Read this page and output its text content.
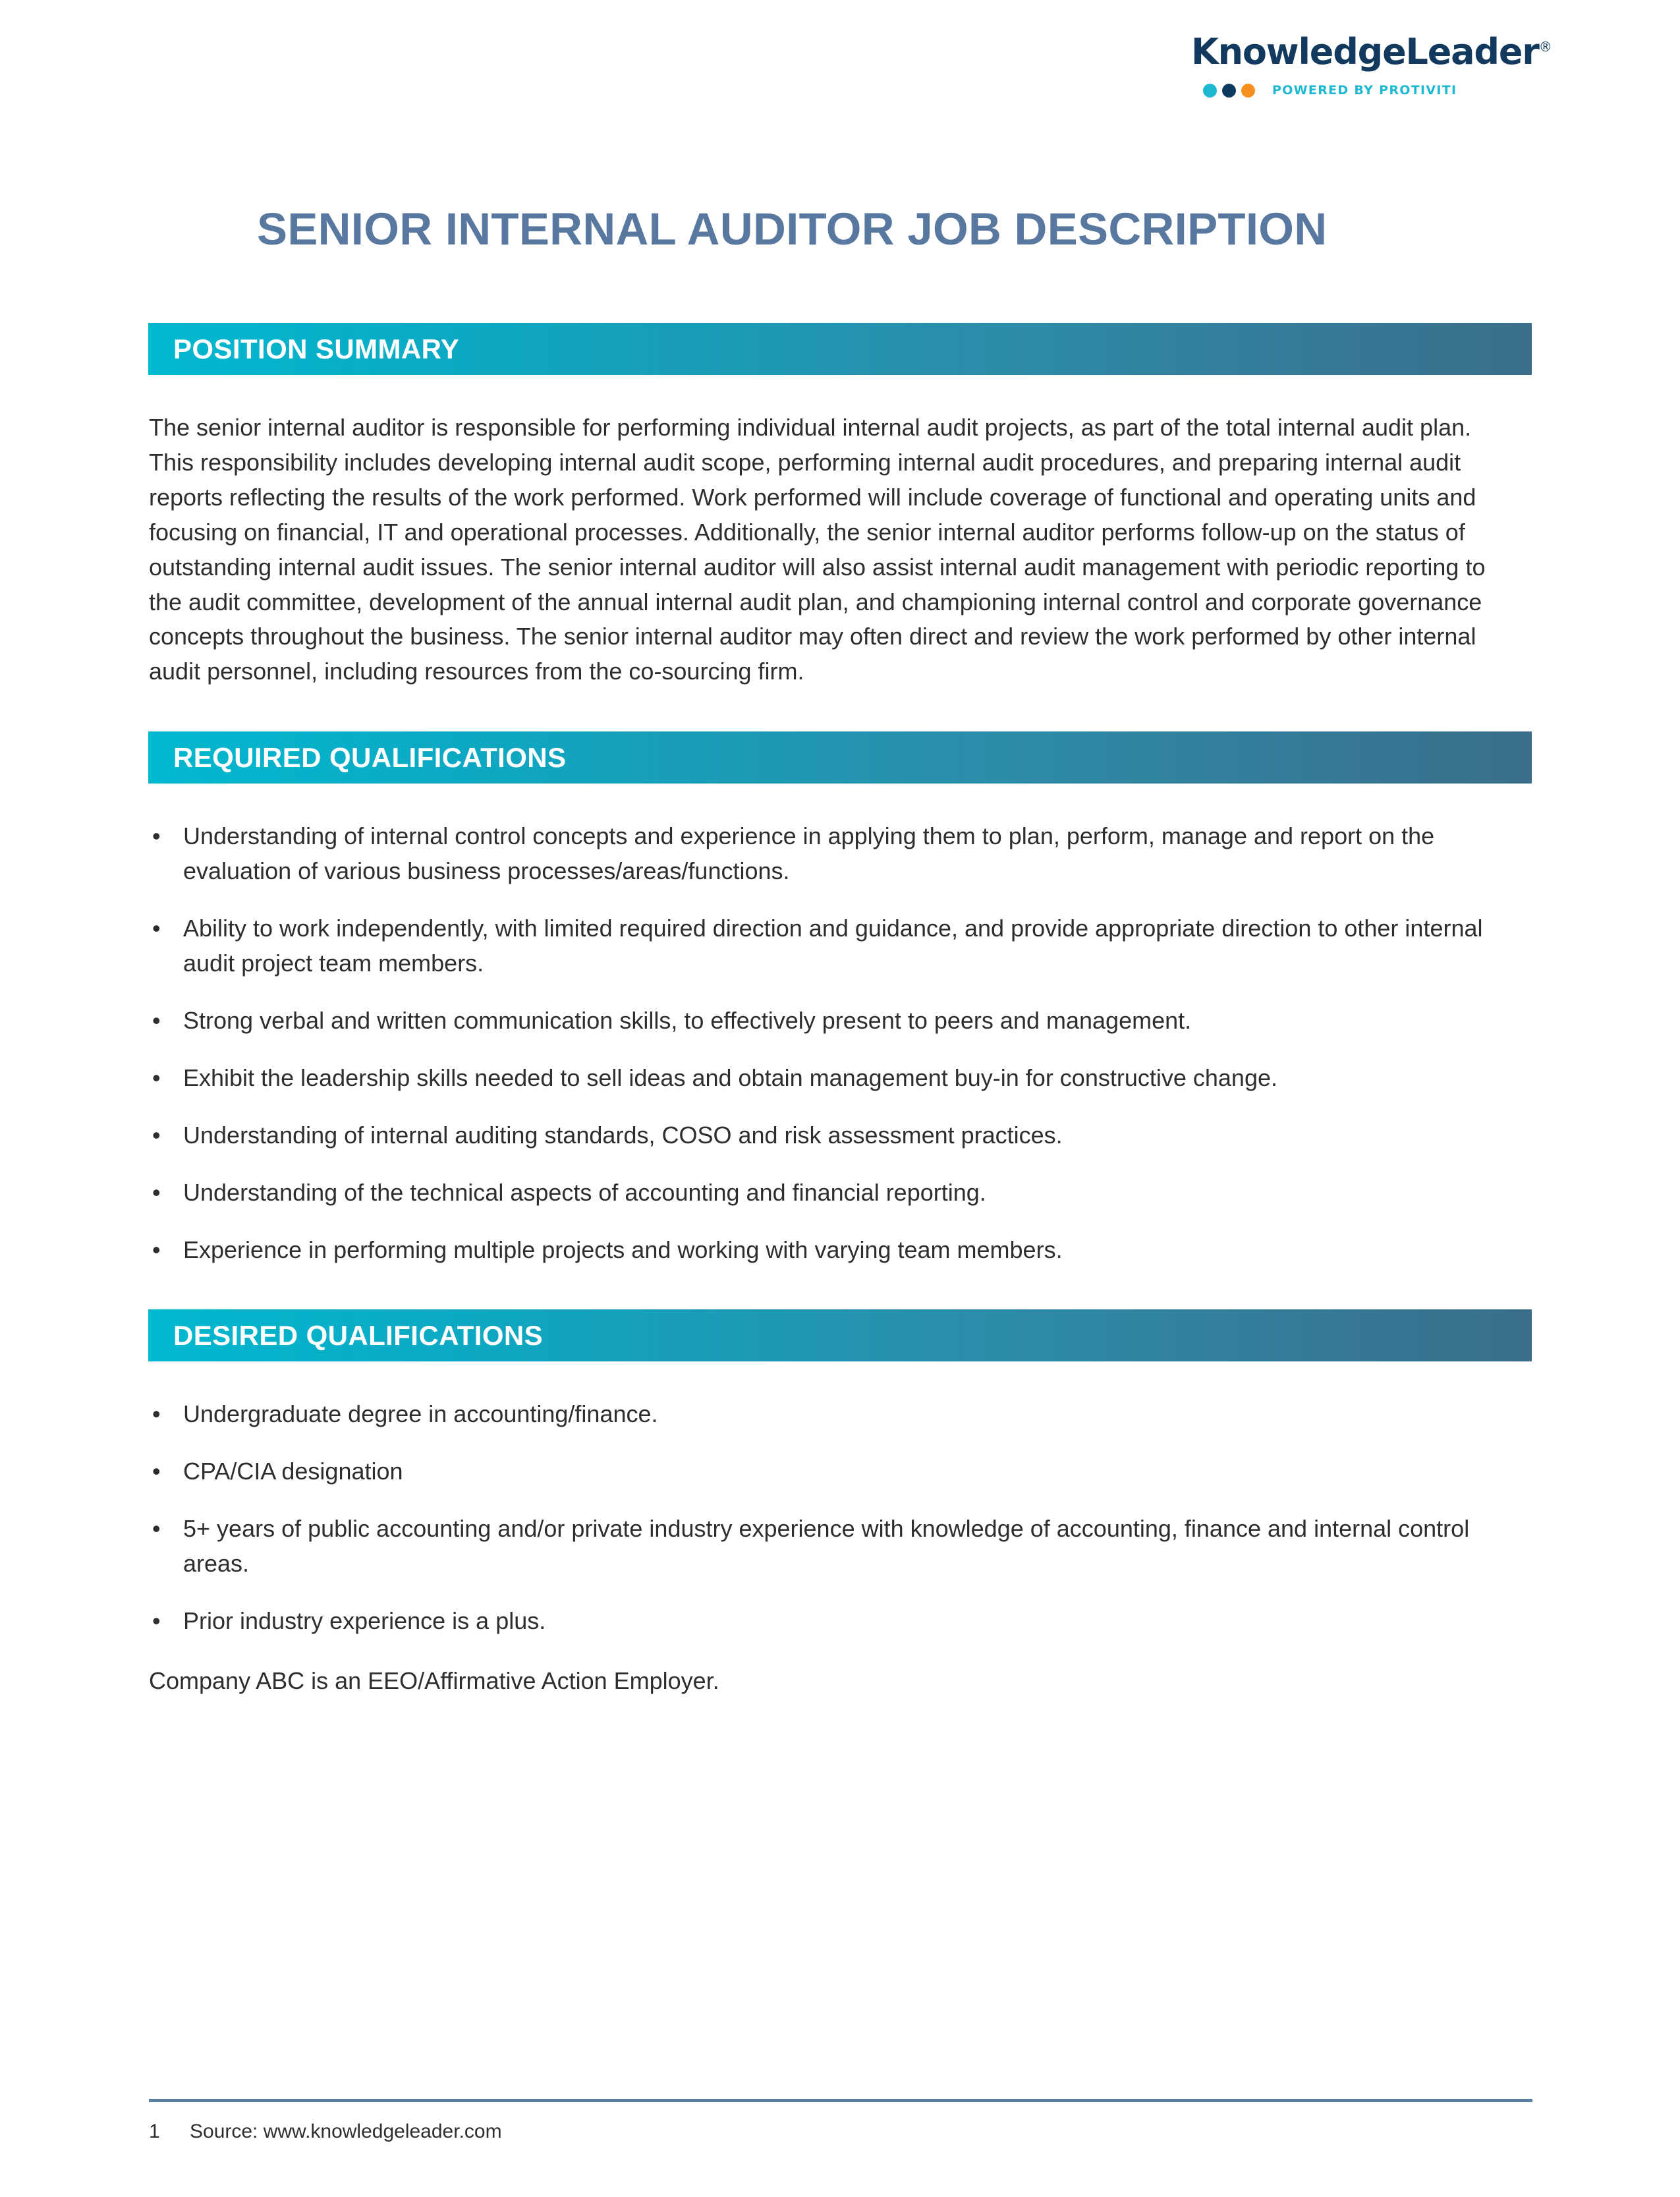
KnowledgeLeader®
POWERED BY PROTIVITI
SENIOR INTERNAL AUDITOR JOB DESCRIPTION
POSITION SUMMARY

The senior internal auditor is responsible for performing individual internal audit projects, as part of the total internal audit plan. This responsibility includes developing internal audit scope, performing internal audit procedures, and preparing internal audit reports reflecting the results of the work performed. Work performed will include coverage of functional and operating units and focusing on financial, IT and operational processes. Additionally, the senior internal auditor performs follow-up on the status of outstanding internal audit issues. The senior internal auditor will also assist internal audit management with periodic reporting to the audit committee, development of the annual internal audit plan, and championing internal control and corporate governance concepts throughout the business. The senior internal auditor may often direct and review the work performed by other internal audit personnel, including resources from the co-sourcing firm.

REQUIRED QUALIFICATIONS
• Understanding of internal control concepts and experience in applying them to plan, perform, manage and report on the evaluation of various business processes/areas/functions.
• Ability to work independently, with limited required direction and guidance, and provide appropriate direction to other internal audit project team members.
• Strong verbal and written communication skills, to effectively present to peers and management.
• Exhibit the leadership skills needed to sell ideas and obtain management buy-in for constructive change.
• Understanding of internal auditing standards, COSO and risk assessment practices.
• Understanding of the technical aspects of accounting and financial reporting.
• Experience in performing multiple projects and working with varying team members.
DESIRED QUALIFICATIONS
• Undergraduate degree in accounting/finance.
• CPA/CIA designation
• 5+ years of public accounting and/or private industry experience with knowledge of accounting, finance and internal control areas.
• Prior industry experience is a plus.

Company ABC is an EEO/Affirmative Action Employer.

1	Source: www.knowledgeleader.com
